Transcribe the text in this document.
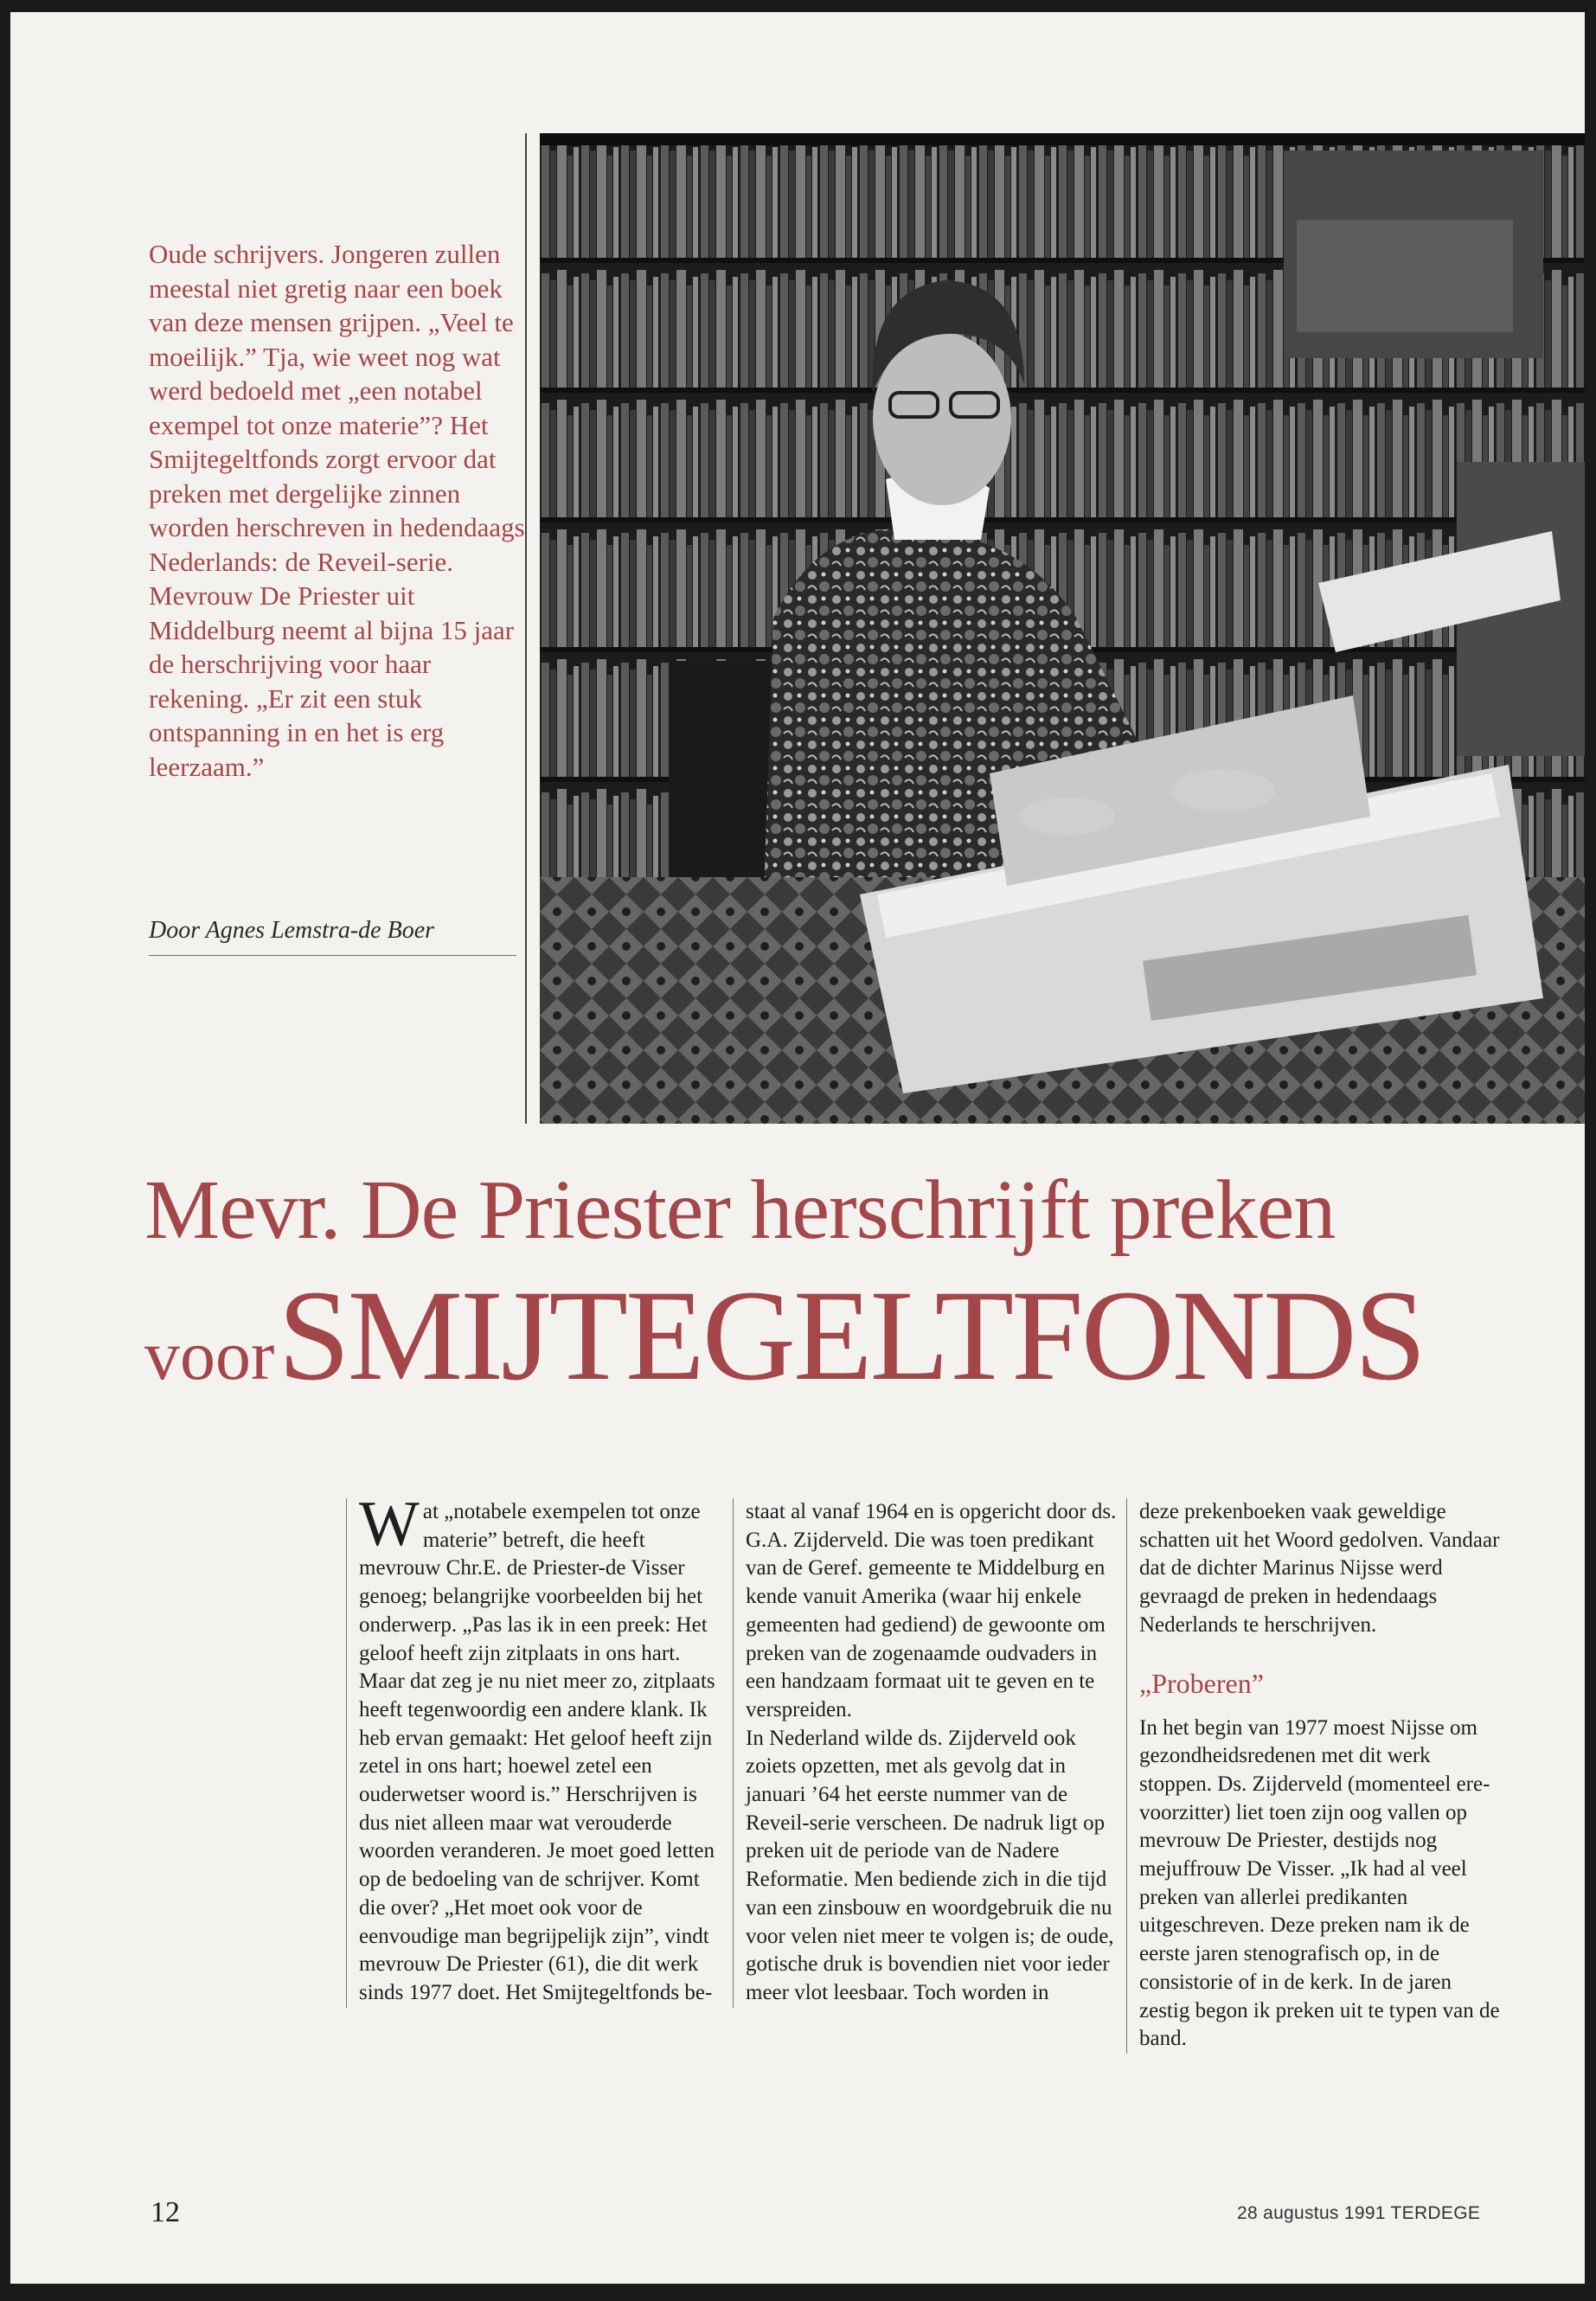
Oude schrijvers. Jongeren zullen meestal niet gretig naar een boek van deze mensen grijpen. „Veel te moeilijk.” Tja, wie weet nog wat werd bedoeld met „een notabel exempel tot onze materie”? Het Smijtegeltfonds zorgt ervoor dat preken met dergelijke zinnen worden herschreven in hedendaags Nederlands: de Reveil-serie. Mevrouw De Priester uit Middelburg neemt al bijna 15 jaar de herschrijving voor haar rekening. „Er zit een stuk ontspanning in en het is erg leerzaam.”

Door Agnes Lemstra-de Boer
Mevr. De Priester herschrijft preken
voor SMIJTEGELTFONDS
W at „notabele exempelen tot onze materie” betreft, die heeft mevrouw Chr.E. de Priester-de Visser genoeg; belangrijke voorbeelden bij het onderwerp. „Pas las ik in een preek: Het geloof heeft zijn zitplaats in ons hart. Maar dat zeg je nu niet meer zo, zitplaats heeft tegenwoordig een andere klank. Ik heb ervan gemaakt: Het geloof heeft zijn zetel in ons hart; hoewel zetel een ouderwetser woord is.” Herschrijven is dus niet alleen maar wat verouderde woorden veranderen. Je moet goed letten op de bedoeling van de schrijver. Komt die over? „Het moet ook voor de eenvoudige man begrijpelijk zijn”, vindt mevrouw De Priester (61), die dit werk sinds 1977 doet. Het Smijtegeltfonds be-

staat al vanaf 1964 en is opgericht door ds. G.A. Zijderveld. Die was toen predikant van de Geref. gemeente te Middelburg en kende vanuit Amerika (waar hij enkele gemeenten had gediend) de gewoonte om preken van de zogenaamde oudvaders in een handzaam formaat uit te geven en te verspreiden.

In Nederland wilde ds. Zijderveld ook zoiets opzetten, met als gevolg dat in januari ’64 het eerste nummer van de Reveil-serie verscheen. De nadruk ligt op preken uit de periode van de Nadere Reformatie. Men bediende zich in die tijd van een zinsbouw en woordgebruik die nu voor velen niet meer te volgen is; de oude, gotische druk is bovendien niet voor ieder meer vlot leesbaar. Toch worden in

deze prekenboeken vaak geweldige schatten uit het Woord gedolven. Vandaar dat de dichter Marinus Nijsse werd gevraagd de preken in hedendaags Nederlands te herschrijven.

„Proberen”

In het begin van 1977 moest Nijsse om gezondheidsredenen met dit werk stoppen. Ds. Zijderveld (momenteel ere-voorzitter) liet toen zijn oog vallen op mevrouw De Priester, destijds nog mejuffrouw De Visser. „Ik had al veel preken van allerlei predikanten uitgeschreven. Deze preken nam ik de eerste jaren stenografisch op, in de consistorie of in de kerk. In de jaren zestig begon ik preken uit te typen van de band.

12	28 augustus 1991 TERDEGE
